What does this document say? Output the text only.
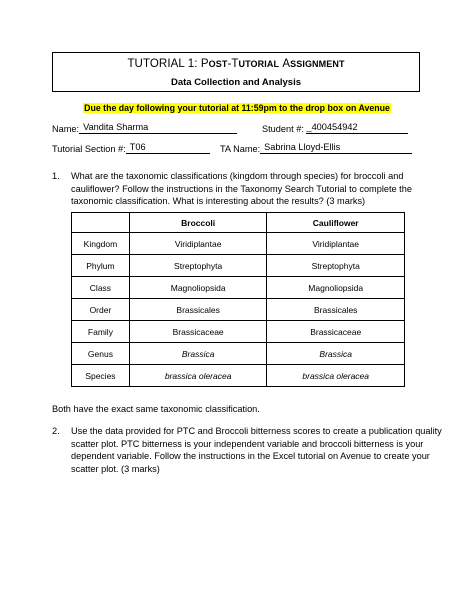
TUTORIAL 1: POST-TUTORIAL ASSIGNMENT
Data Collection and Analysis
Due the day following your tutorial at 11:59pm to the drop box on Avenue
Name: Vandita Sharma	Student #: _400454942
Tutorial Section #: T06	TA Name: Sabrina Lloyd-Ellis
1. What are the taxonomic classifications (kingdom through species) for broccoli and
cauliflower? Follow the instructions in the Taxonomy Search Tutorial to complete the
taxonomic classification. What is interesting about the results? (3 marks)
	Broccoli	Cauliflower
Kingdom	Viridiplantae	Viridiplantae
Phylum	Streptophyta	Streptophyta
Class	Magnoliopsida	Magnoliopsida
Order	Brassicales	Brassicales
Family	Brassicaceae	Brassicaceae
Genus	Brassica	Brassica
Species	brassica oleracea	brassica oleracea
Both have the exact same taxonomic classification.
2. Use the data provided for PTC and Broccoli bitterness scores to create a publication quality
scatter plot. PTC bitterness is your independent variable and broccoli bitterness is your
dependent variable. Follow the instructions in the Excel tutorial on Avenue to create your
scatter plot. (3 marks)
